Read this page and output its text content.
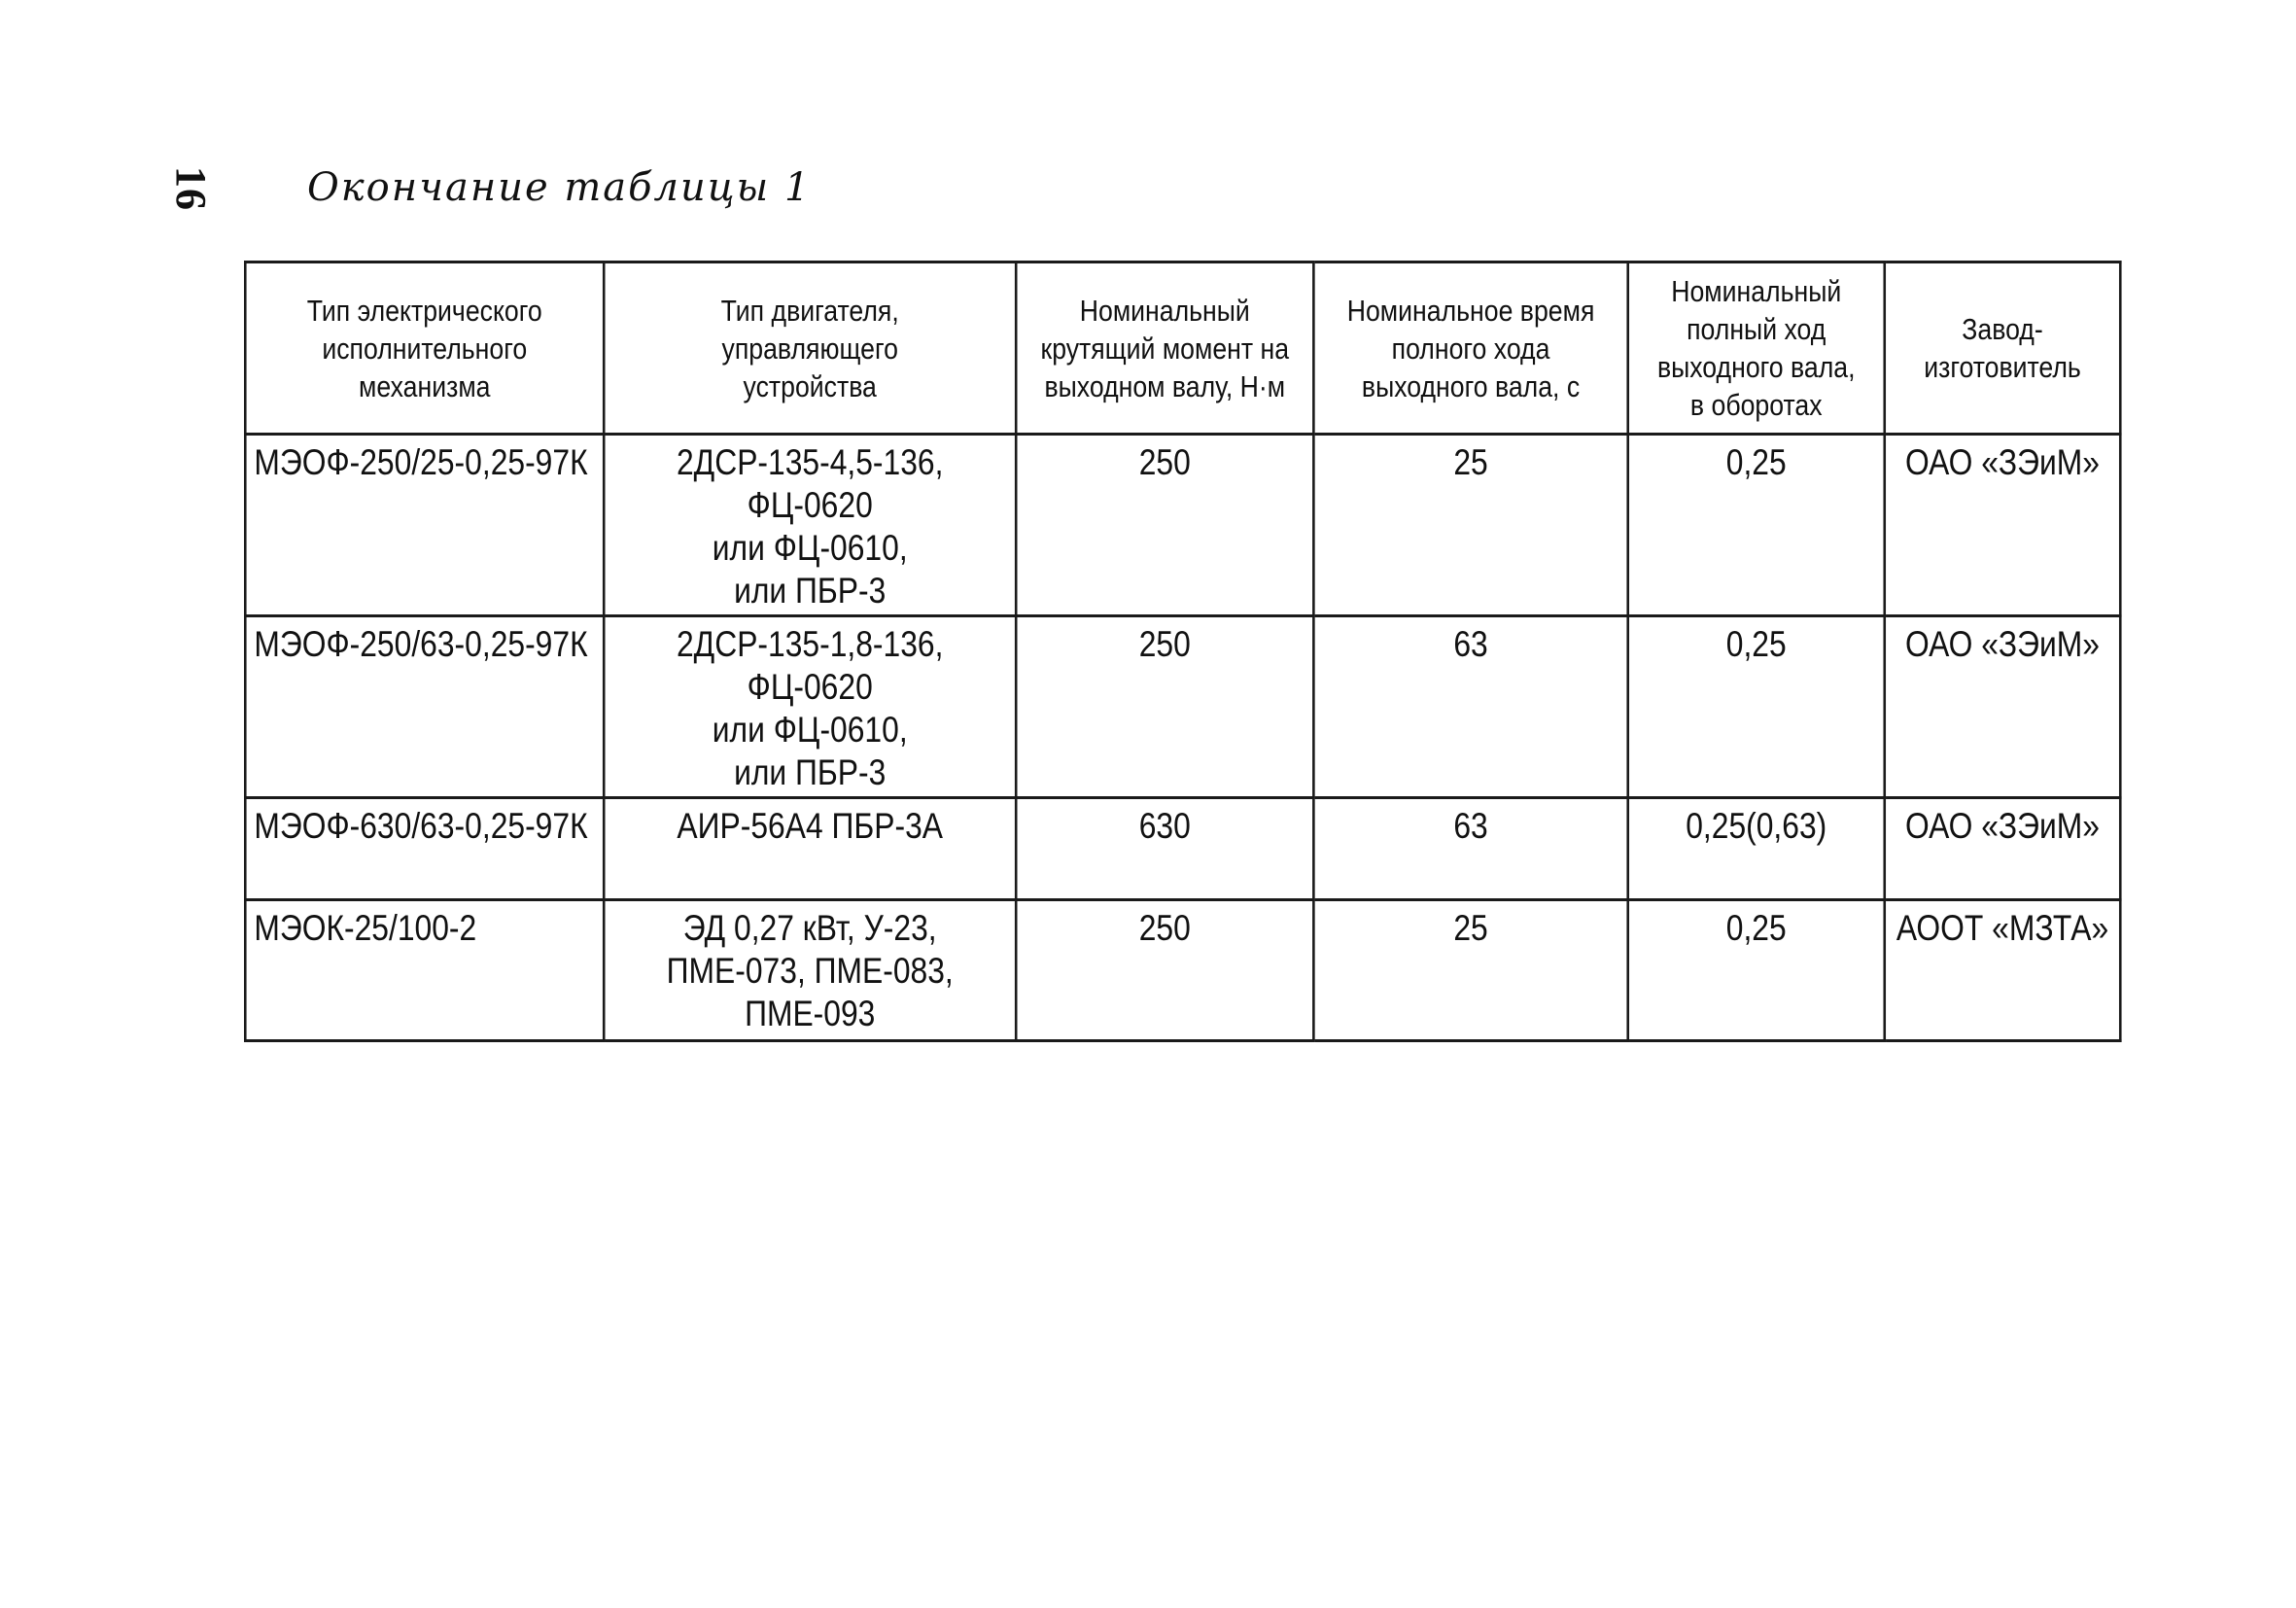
16 Окончание таблицы 1
Тип электрического
исполнительного
механизма	Тип двигателя,
управляющего
устройства	Номинальный
крутящий момент на
выходном валу, Н·м	Номинальное время
полного хода
выходного вала, с	Номинальный
полный ход
выходного вала,
в оборотах	Завод-
изготовитель
МЭОФ-250/25-0,25-97К	2ДСР-135-4,5-136,
ФЦ-0620
или ФЦ-0610,
или ПБР-3	250	25	0,25	ОАО «ЗЭиМ»
МЭОФ-250/63-0,25-97К	2ДСР-135-1,8-136,
ФЦ-0620
или ФЦ-0610,
или ПБР-3	250	63	0,25	ОАО «ЗЭиМ»
МЭОФ-630/63-0,25-97К	АИР-56А4 ПБР-3А	630	63	0,25(0,63)	ОАО «ЗЭиМ»
МЭОК-25/100-2	ЭД 0,27 кВт, У-23,
ПМЕ-073, ПМЕ-083,
ПМЕ-093	250	25	0,25	АООТ «МЗТА»
